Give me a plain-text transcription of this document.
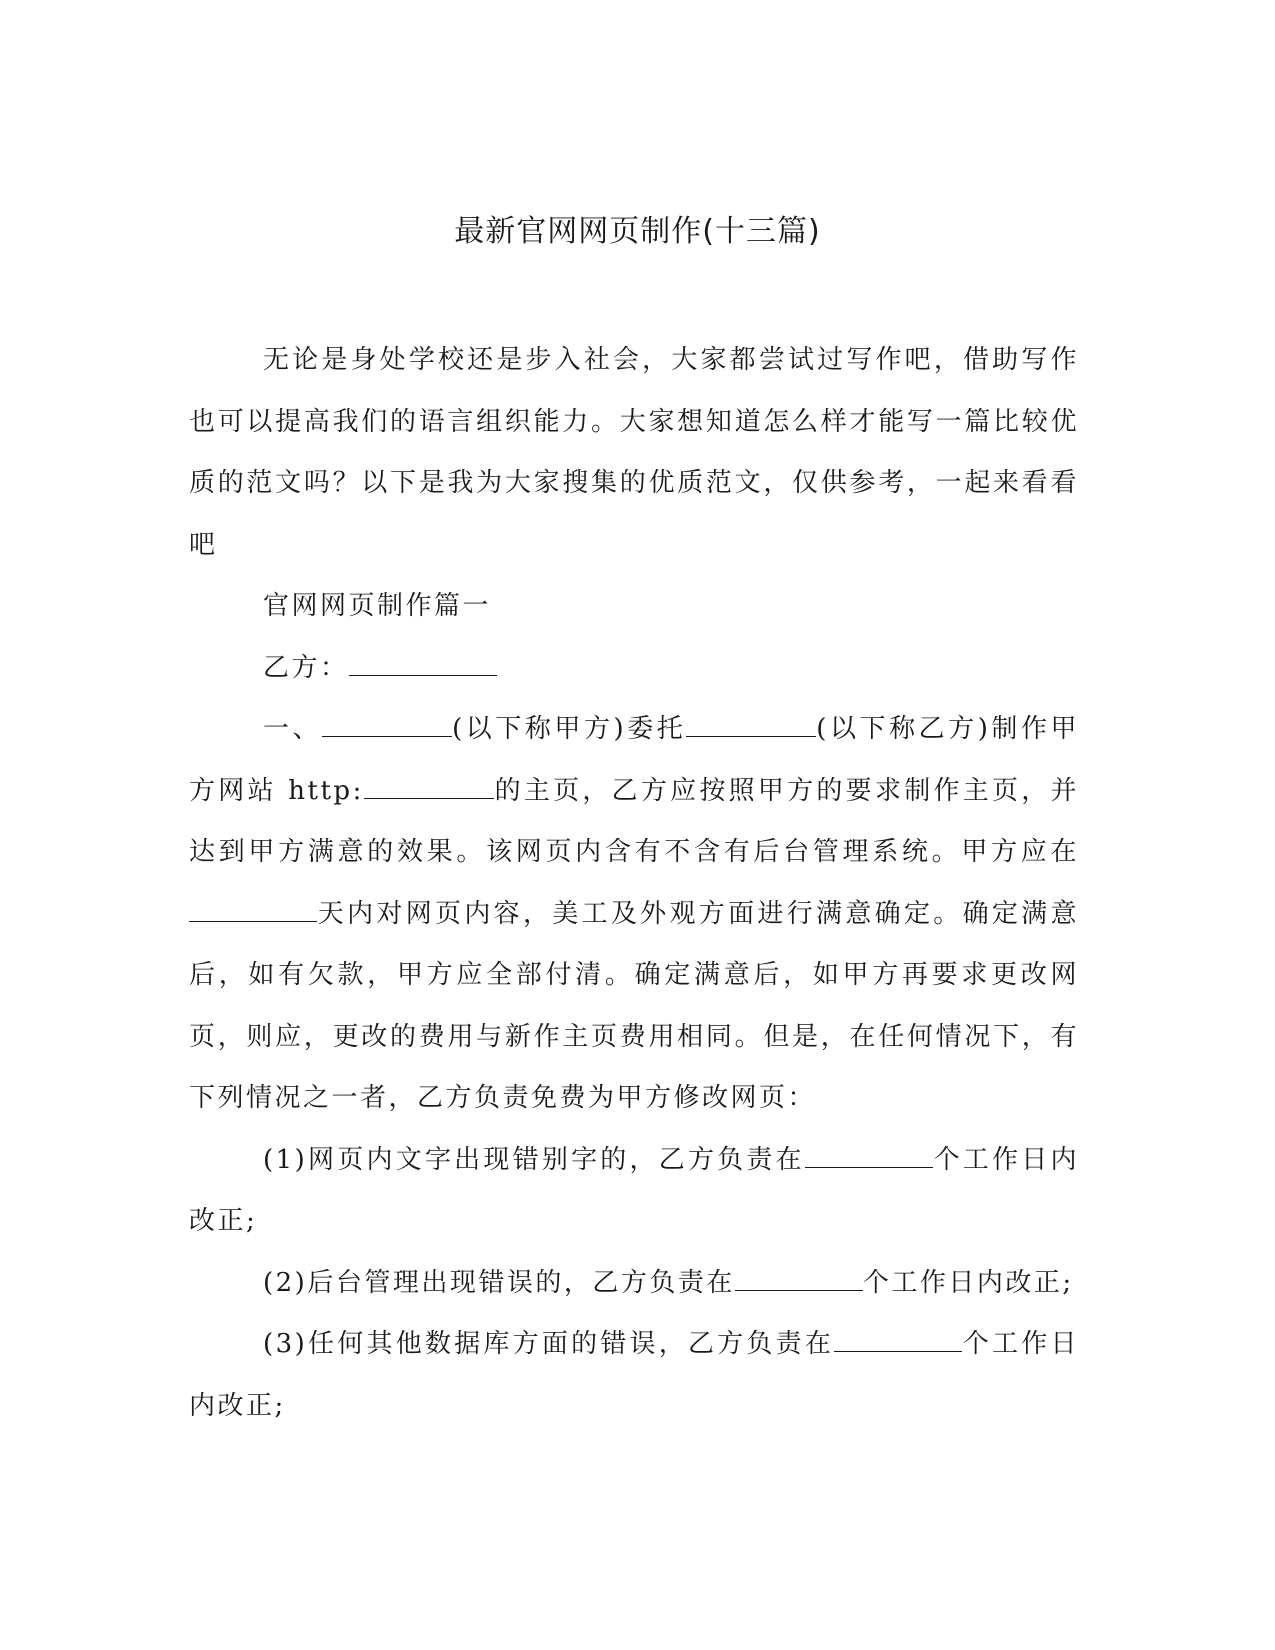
最新官网网页制作(十三篇)

无论是身处学校还是步入社会，大家都尝试过写作吧，借助写作也可以提高我们的语言组织能力。大家想知道怎么样才能写一篇比较优质的范文吗？以下是我为大家搜集的优质范文，仅供参考，一起来看看吧

官网网页制作篇一

乙方：

一、	(以下称甲方)委托	(以下称乙方)制作甲方网站 http:	的主页，乙方应按照甲方的要求制作主页，并达到甲方满意的效果。该网页内含有不含有后台管理系统。甲方应在天内对网页内容，美工及外观方面进行满意确定。确定满意后，如有欠款，甲方应全部付清。确定满意后，如甲方再要求更改网页，则应，更改的费用与新作主页费用相同。但是，在任何情况下，有下列情况之一者，乙方负责免费为甲方修改网页：

(1)网页内文字出现错别字的，乙方负责在	个工作日内改正;

(2)后台管理出现错误的，乙方负责在	个工作日内改正;

(3)任何其他数据库方面的错误，乙方负责在	个工作日内改正;
